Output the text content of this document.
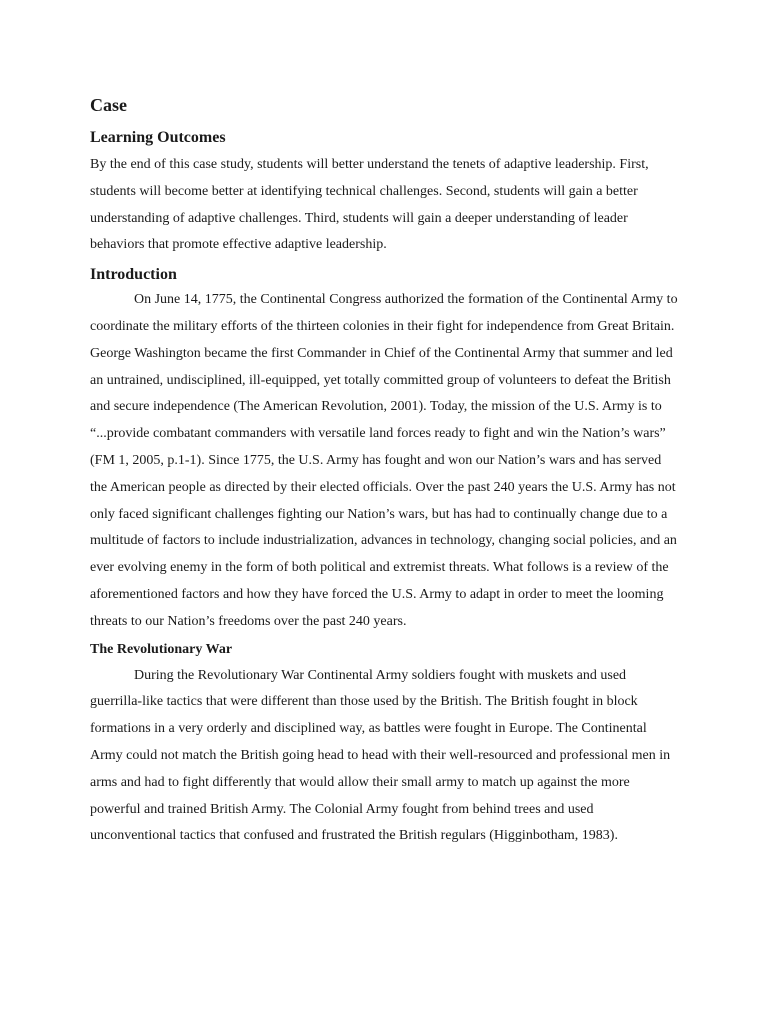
Case
Learning Outcomes

By the end of this case study, students will better understand the tenets of adaptive leadership. First, students will become better at identifying technical challenges. Second, students will gain a better understanding of adaptive challenges. Third, students will gain a deeper understanding of leader behaviors that promote effective adaptive leadership.

Introduction

On June 14, 1775, the Continental Congress authorized the formation of the Continental Army to coordinate the military efforts of the thirteen colonies in their fight for independence from Great Britain. George Washington became the first Commander in Chief of the Continental Army that summer and led an untrained, undisciplined, ill-equipped, yet totally committed group of volunteers to defeat the British and secure independence (The American Revolution, 2001). Today, the mission of the U.S. Army is to “...provide combatant commanders with versatile land forces ready to fight and win the Nation’s wars” (FM 1, 2005, p.1-1). Since 1775, the U.S. Army has fought and won our Nation’s wars and has served the American people as directed by their elected officials. Over the past 240 years the U.S. Army has not only faced significant challenges fighting our Nation’s wars, but has had to continually change due to a multitude of factors to include industrialization, advances in technology, changing social policies, and an ever evolving enemy in the form of both political and extremist threats. What follows is a review of the aforementioned factors and how they have forced the U.S. Army to adapt in order to meet the looming threats to our Nation’s freedoms over the past 240 years.

The Revolutionary War

During the Revolutionary War Continental Army soldiers fought with muskets and used guerrilla-like tactics that were different than those used by the British. The British fought in block formations in a very orderly and disciplined way, as battles were fought in Europe. The Continental Army could not match the British going head to head with their well-resourced and professional men in arms and had to fight differently that would allow their small army to match up against the more powerful and trained British Army. The Colonial Army fought from behind trees and used unconventional tactics that confused and frustrated the British regulars (Higginbotham, 1983).
